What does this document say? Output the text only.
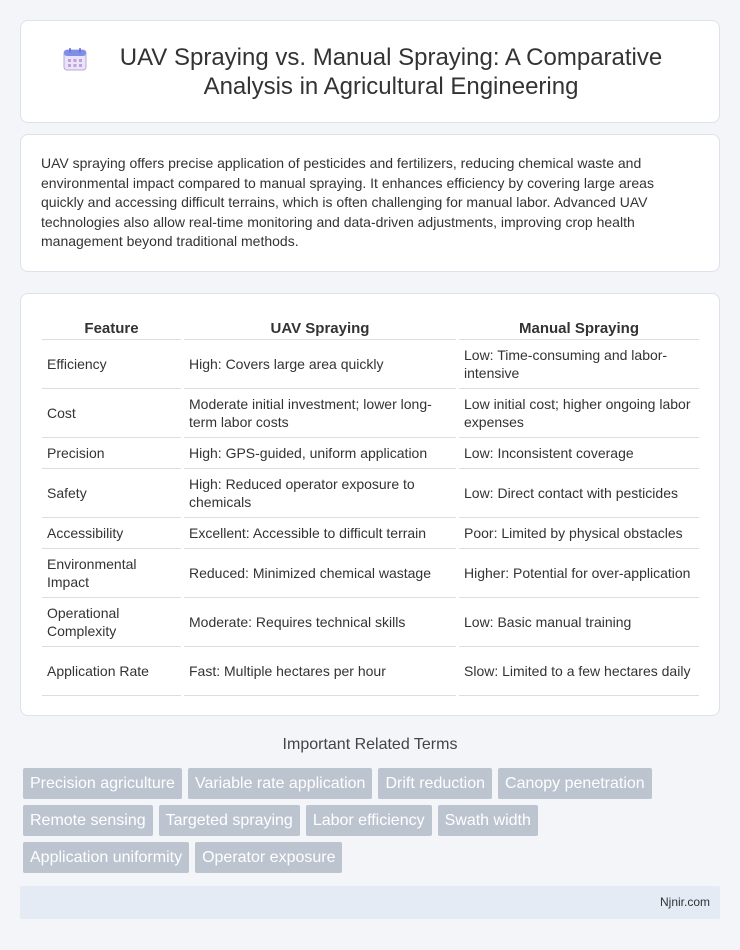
UAV Spraying vs. Manual Spraying: A Comparative Analysis in Agricultural Engineering

UAV spraying offers precise application of pesticides and fertilizers, reducing chemical waste and environmental impact compared to manual spraying. It enhances efficiency by covering large areas quickly and accessing difficult terrains, which is often challenging for manual labor. Advanced UAV technologies also allow real-time monitoring and data-driven adjustments, improving crop health management beyond traditional methods.

Feature	UAV Spraying	Manual Spraying
Efficiency	High: Covers large area quickly	Low: Time-consuming and labor-intensive
Cost	Moderate initial investment; lower long-term labor costs	Low initial cost; higher ongoing labor expenses
Precision	High: GPS-guided, uniform application	Low: Inconsistent coverage
Safety	High: Reduced operator exposure to chemicals	Low: Direct contact with pesticides
Accessibility	Excellent: Accessible to difficult terrain	Poor: Limited by physical obstacles
Environmental Impact	Reduced: Minimized chemical wastage	Higher: Potential for over-application
Operational Complexity	Moderate: Requires technical skills	Low: Basic manual training
Application Rate	Fast: Multiple hectares per hour	Slow: Limited to a few hectares daily
Important Related Terms
Precision agriculture	Variable rate application	Drift reduction	Canopy penetration
Remote sensing	Targeted spraying	Labor efficiency	Swath width
Application uniformity	Operator exposure
Njnir.com
